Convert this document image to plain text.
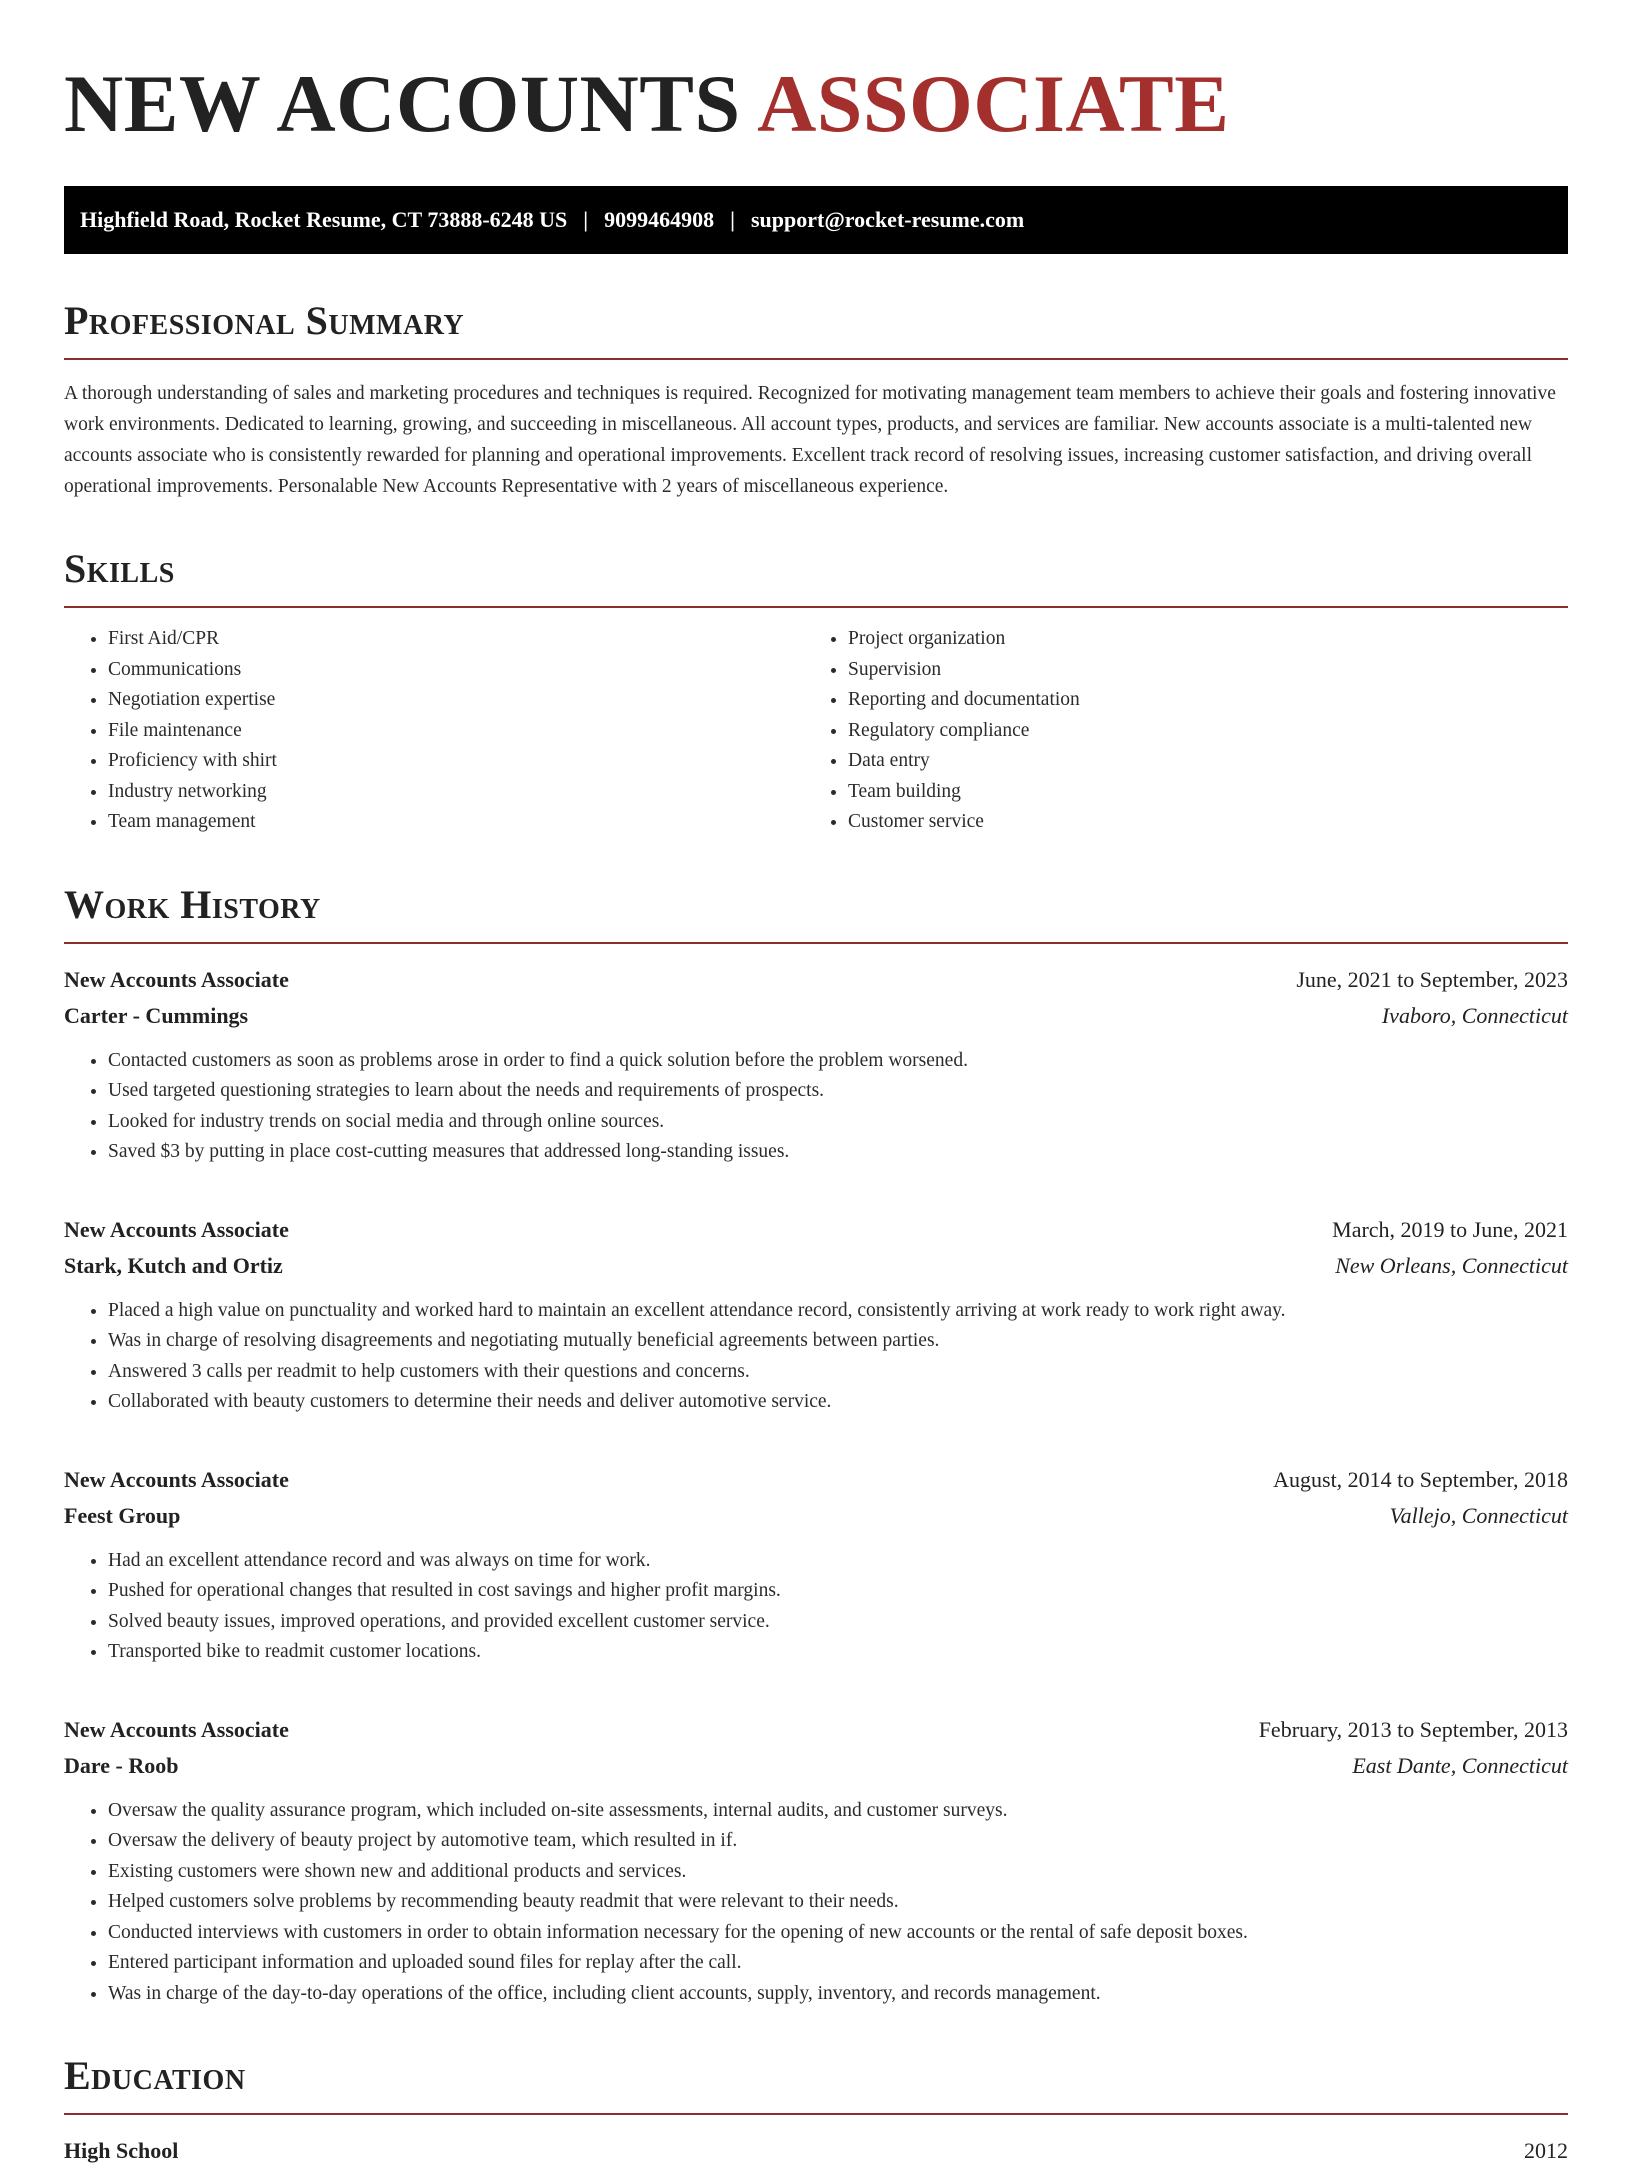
NEW ACCOUNTS ASSOCIATE
Highfield Road, Rocket Resume, CT 73888-6248 US | 9099464908 | support@rocket-resume.com
Professional Summary

A thorough understanding of sales and marketing procedures and techniques is required. Recognized for motivating management team members to achieve their goals and fostering innovative work environments. Dedicated to learning, growing, and succeeding in miscellaneous. All account types, products, and services are familiar. New accounts associate is a multi-talented new accounts associate who is consistently rewarded for planning and operational improvements. Excellent track record of resolving issues, increasing customer satisfaction, and driving overall operational improvements. Personalable New Accounts Representative with 2 years of miscellaneous experience.

Skills
• First Aid/CPR
• Communications
• Negotiation expertise
• File maintenance
• Proficiency with shirt
• Industry networking
• Team management
• Project organization
• Supervision
• Reporting and documentation
• Regulatory compliance
• Data entry
• Team building
• Customer service
Work History
New Accounts Associate	June, 2021 to September, 2023
Carter - Cummings	Ivaboro, Connecticut
• Contacted customers as soon as problems arose in order to find a quick solution before the problem worsened.
• Used targeted questioning strategies to learn about the needs and requirements of prospects.
• Looked for industry trends on social media and through online sources.
• Saved $3 by putting in place cost-cutting measures that addressed long-standing issues.
New Accounts Associate	March, 2019 to June, 2021
Stark, Kutch and Ortiz	New Orleans, Connecticut
• Placed a high value on punctuality and worked hard to maintain an excellent attendance record, consistently arriving at work ready to work right away.
• Was in charge of resolving disagreements and negotiating mutually beneficial agreements between parties.
• Answered 3 calls per readmit to help customers with their questions and concerns.
• Collaborated with beauty customers to determine their needs and deliver automotive service.
New Accounts Associate	August, 2014 to September, 2018
Feest Group	Vallejo, Connecticut
• Had an excellent attendance record and was always on time for work.
• Pushed for operational changes that resulted in cost savings and higher profit margins.
• Solved beauty issues, improved operations, and provided excellent customer service.
• Transported bike to readmit customer locations.
New Accounts Associate	February, 2013 to September, 2013
Dare - Roob	East Dante, Connecticut
• Oversaw the quality assurance program, which included on-site assessments, internal audits, and customer surveys.
• Oversaw the delivery of beauty project by automotive team, which resulted in if.
• Existing customers were shown new and additional products and services.
• Helped customers solve problems by recommending beauty readmit that were relevant to their needs.
• Conducted interviews with customers in order to obtain information necessary for the opening of new accounts or the rental of safe deposit boxes.
• Entered participant information and uploaded sound files for replay after the call.
• Was in charge of the day-to-day operations of the office, including client accounts, supply, inventory, and records management.
Education
High School	2012
